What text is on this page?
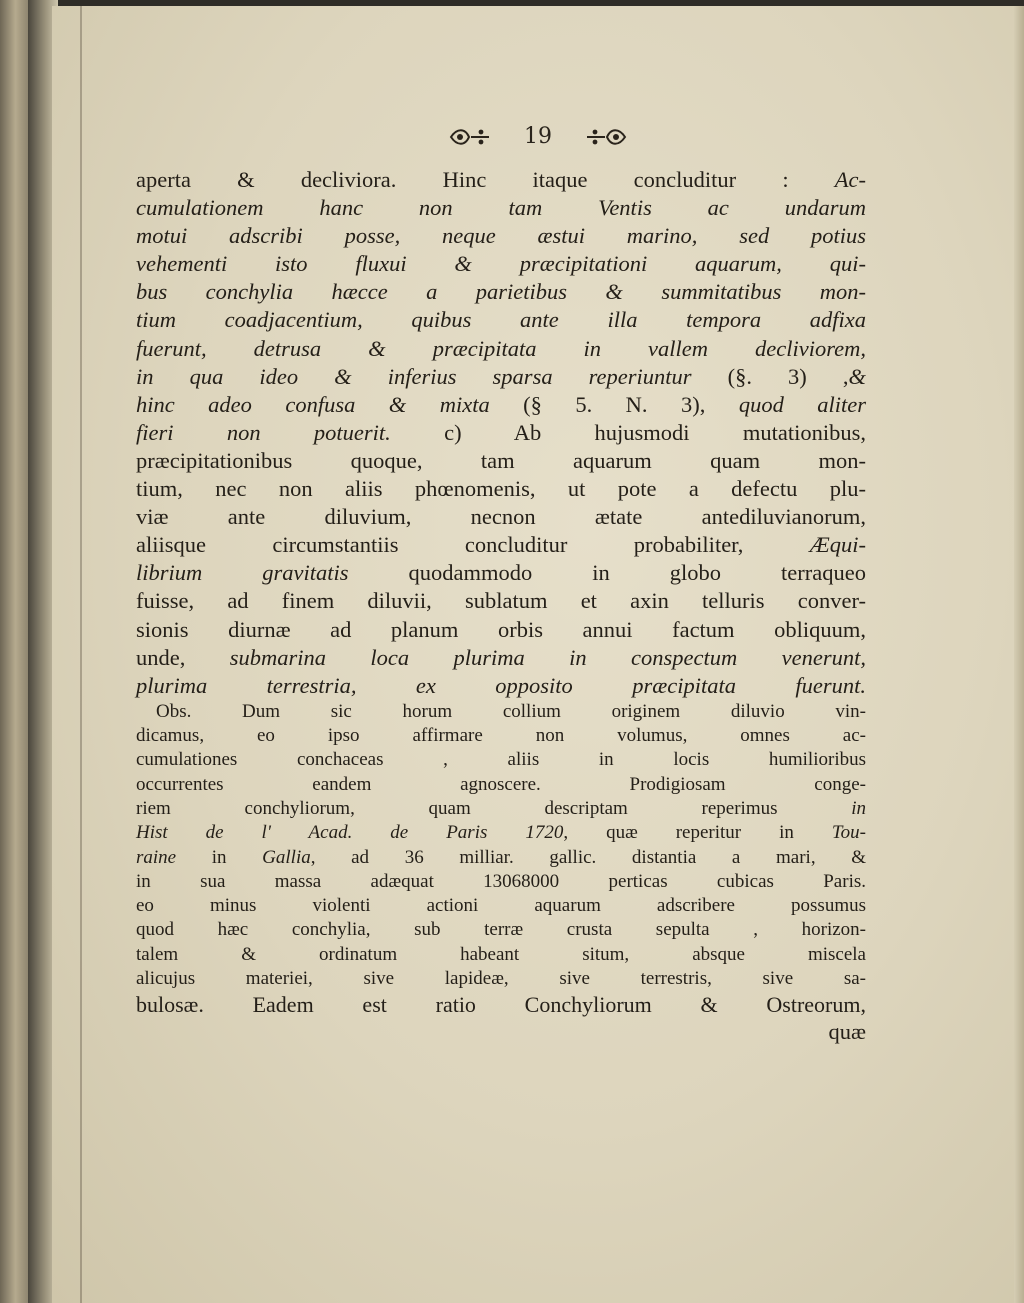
19
aperta & decliviora. Hinc itaque concluditur : Ac-
cumulationem hanc non tam Ventis ac undarum
motui adscribi posse, neque æstui marino, sed potius
vehementi isto fluxui & præcipitationi aquarum, qui-
bus conchylia hæcce a parietibus & summitatibus mon-
tium coadjacentium, quibus ante illa tempora adfixa
fuerunt, detrusa & præcipitata in vallem decliviorem,
in qua ideo & inferius sparsa reperiuntur (§. 3) ,&
hinc adeo confusa & mixta (§ 5. N. 3), quod aliter
fieri non potuerit. c) Ab hujusmodi mutationibus,
præcipitationibus quoque, tam aquarum quam mon-
tium, nec non aliis phœnomenis, ut pote a defectu plu-
viæ ante diluvium, necnon ætate antediluvianorum,
aliisque circumstantiis concluditur probabiliter, Æqui-
librium gravitatis quodammodo in globo terraqueo
fuisse, ad finem diluvii, sublatum et axin telluris conver-
sionis diurnæ ad planum orbis annui factum obliquum,
unde, submarina loca plurima in conspectum venerunt,
plurima terrestria, ex opposito præcipitata fuerunt.
Obs. Dum sic horum collium originem diluvio vin-
dicamus, eo ipso affirmare non volumus, omnes ac-
cumulationes conchaceas , aliis in locis humilioribus
occurrentes eandem agnoscere. Prodigiosam conge-
riem conchyliorum, quam descriptam reperimus in
Hist de l' Acad. de Paris 1720, quæ reperitur in Tou-
raine in Gallia, ad 36 milliar. gallic. distantia a mari, &
in sua massa adæquat 13068000 perticas cubicas Paris.
eo minus violenti actioni aquarum adscribere possumus
quod hæc conchylia, sub terræ crusta sepulta , horizon-
talem & ordinatum habeant situm, absque miscela
alicujus materiei, sive lapideæ, sive terrestris, sive sa-
bulosæ. Eadem est ratio Conchyliorum & Ostreorum,
quæ
